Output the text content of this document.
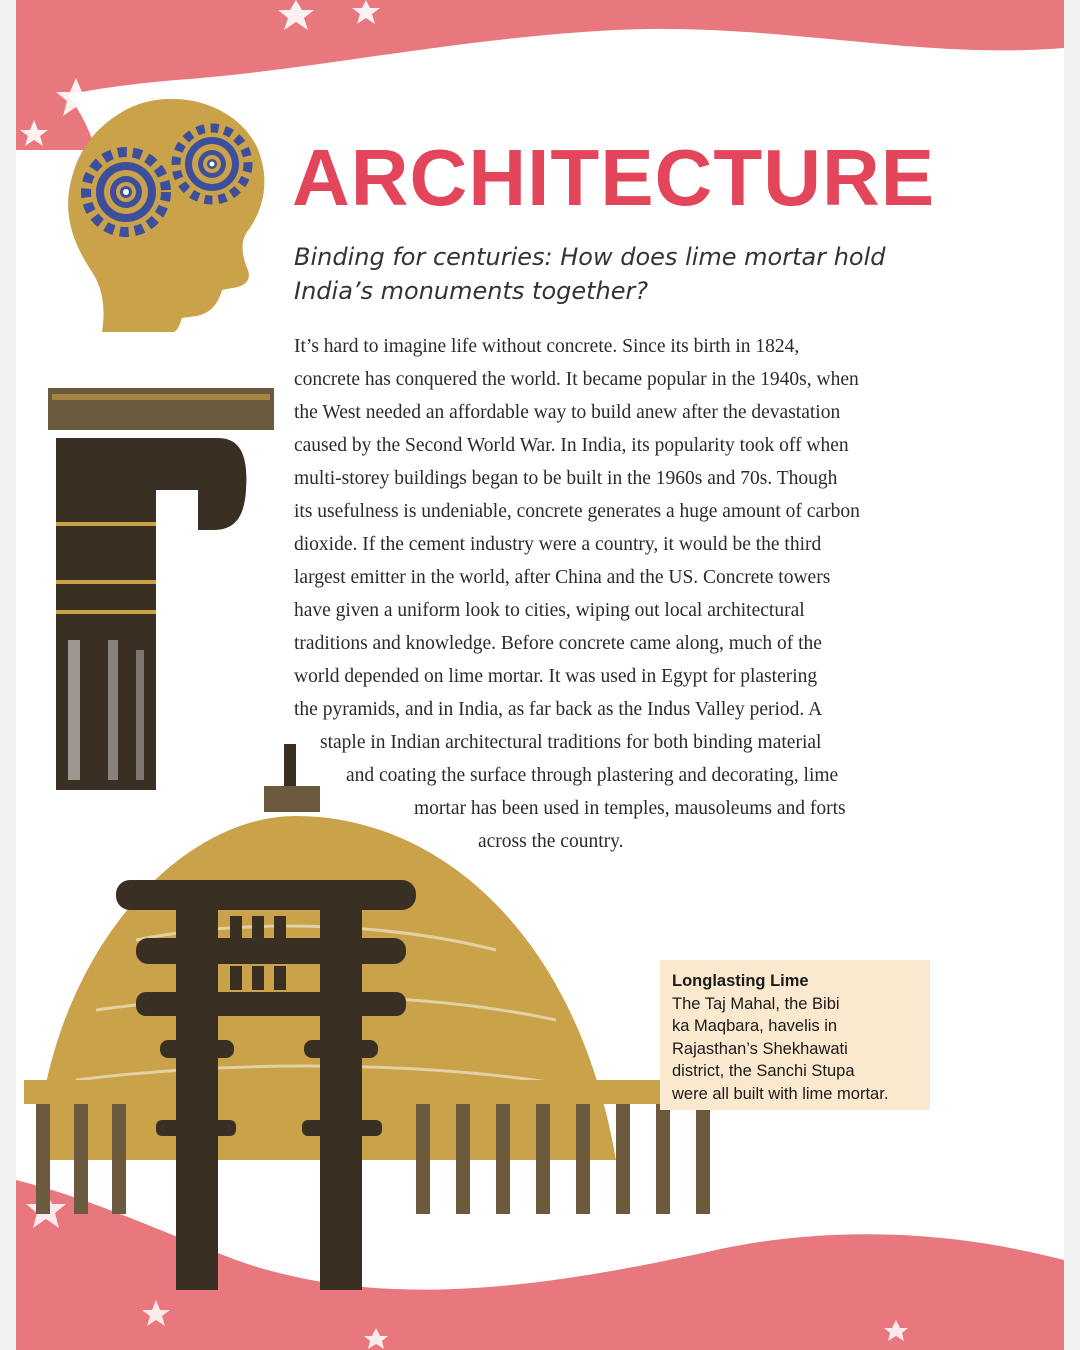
ARCHITECTURE

Binding for centuries: How does lime mortar hold
India’s monuments together?

It’s hard to imagine life without concrete. Since its birth in 1824,
concrete has conquered the world. It became popular in the 1940s, when
the West needed an affordable way to build anew after the devastation
caused by the Second World War. In India, its popularity took off when
multi-storey buildings began to be built in the 1960s and 70s. Though
its usefulness is undeniable, concrete generates a huge amount of carbon
dioxide. If the cement industry were a country, it would be the third
largest emitter in the world, after China and the US. Concrete towers
have given a uniform look to cities, wiping out local architectural
traditions and knowledge. Before concrete came along, much of the
world depended on lime mortar. It was used in Egypt for plastering
the pyramids, and in India, as far back as the Indus Valley period. A
staple in Indian architectural traditions for both binding material
and coating the surface through plastering and decorating, lime
mortar has been used in temples, mausoleums and forts
across the country.
Longlasting Lime
The Taj Mahal, the Bibi
ka Maqbara, havelis in
Rajasthan’s Shekhawati
district, the Sanchi Stupa
were all built with lime mortar.
